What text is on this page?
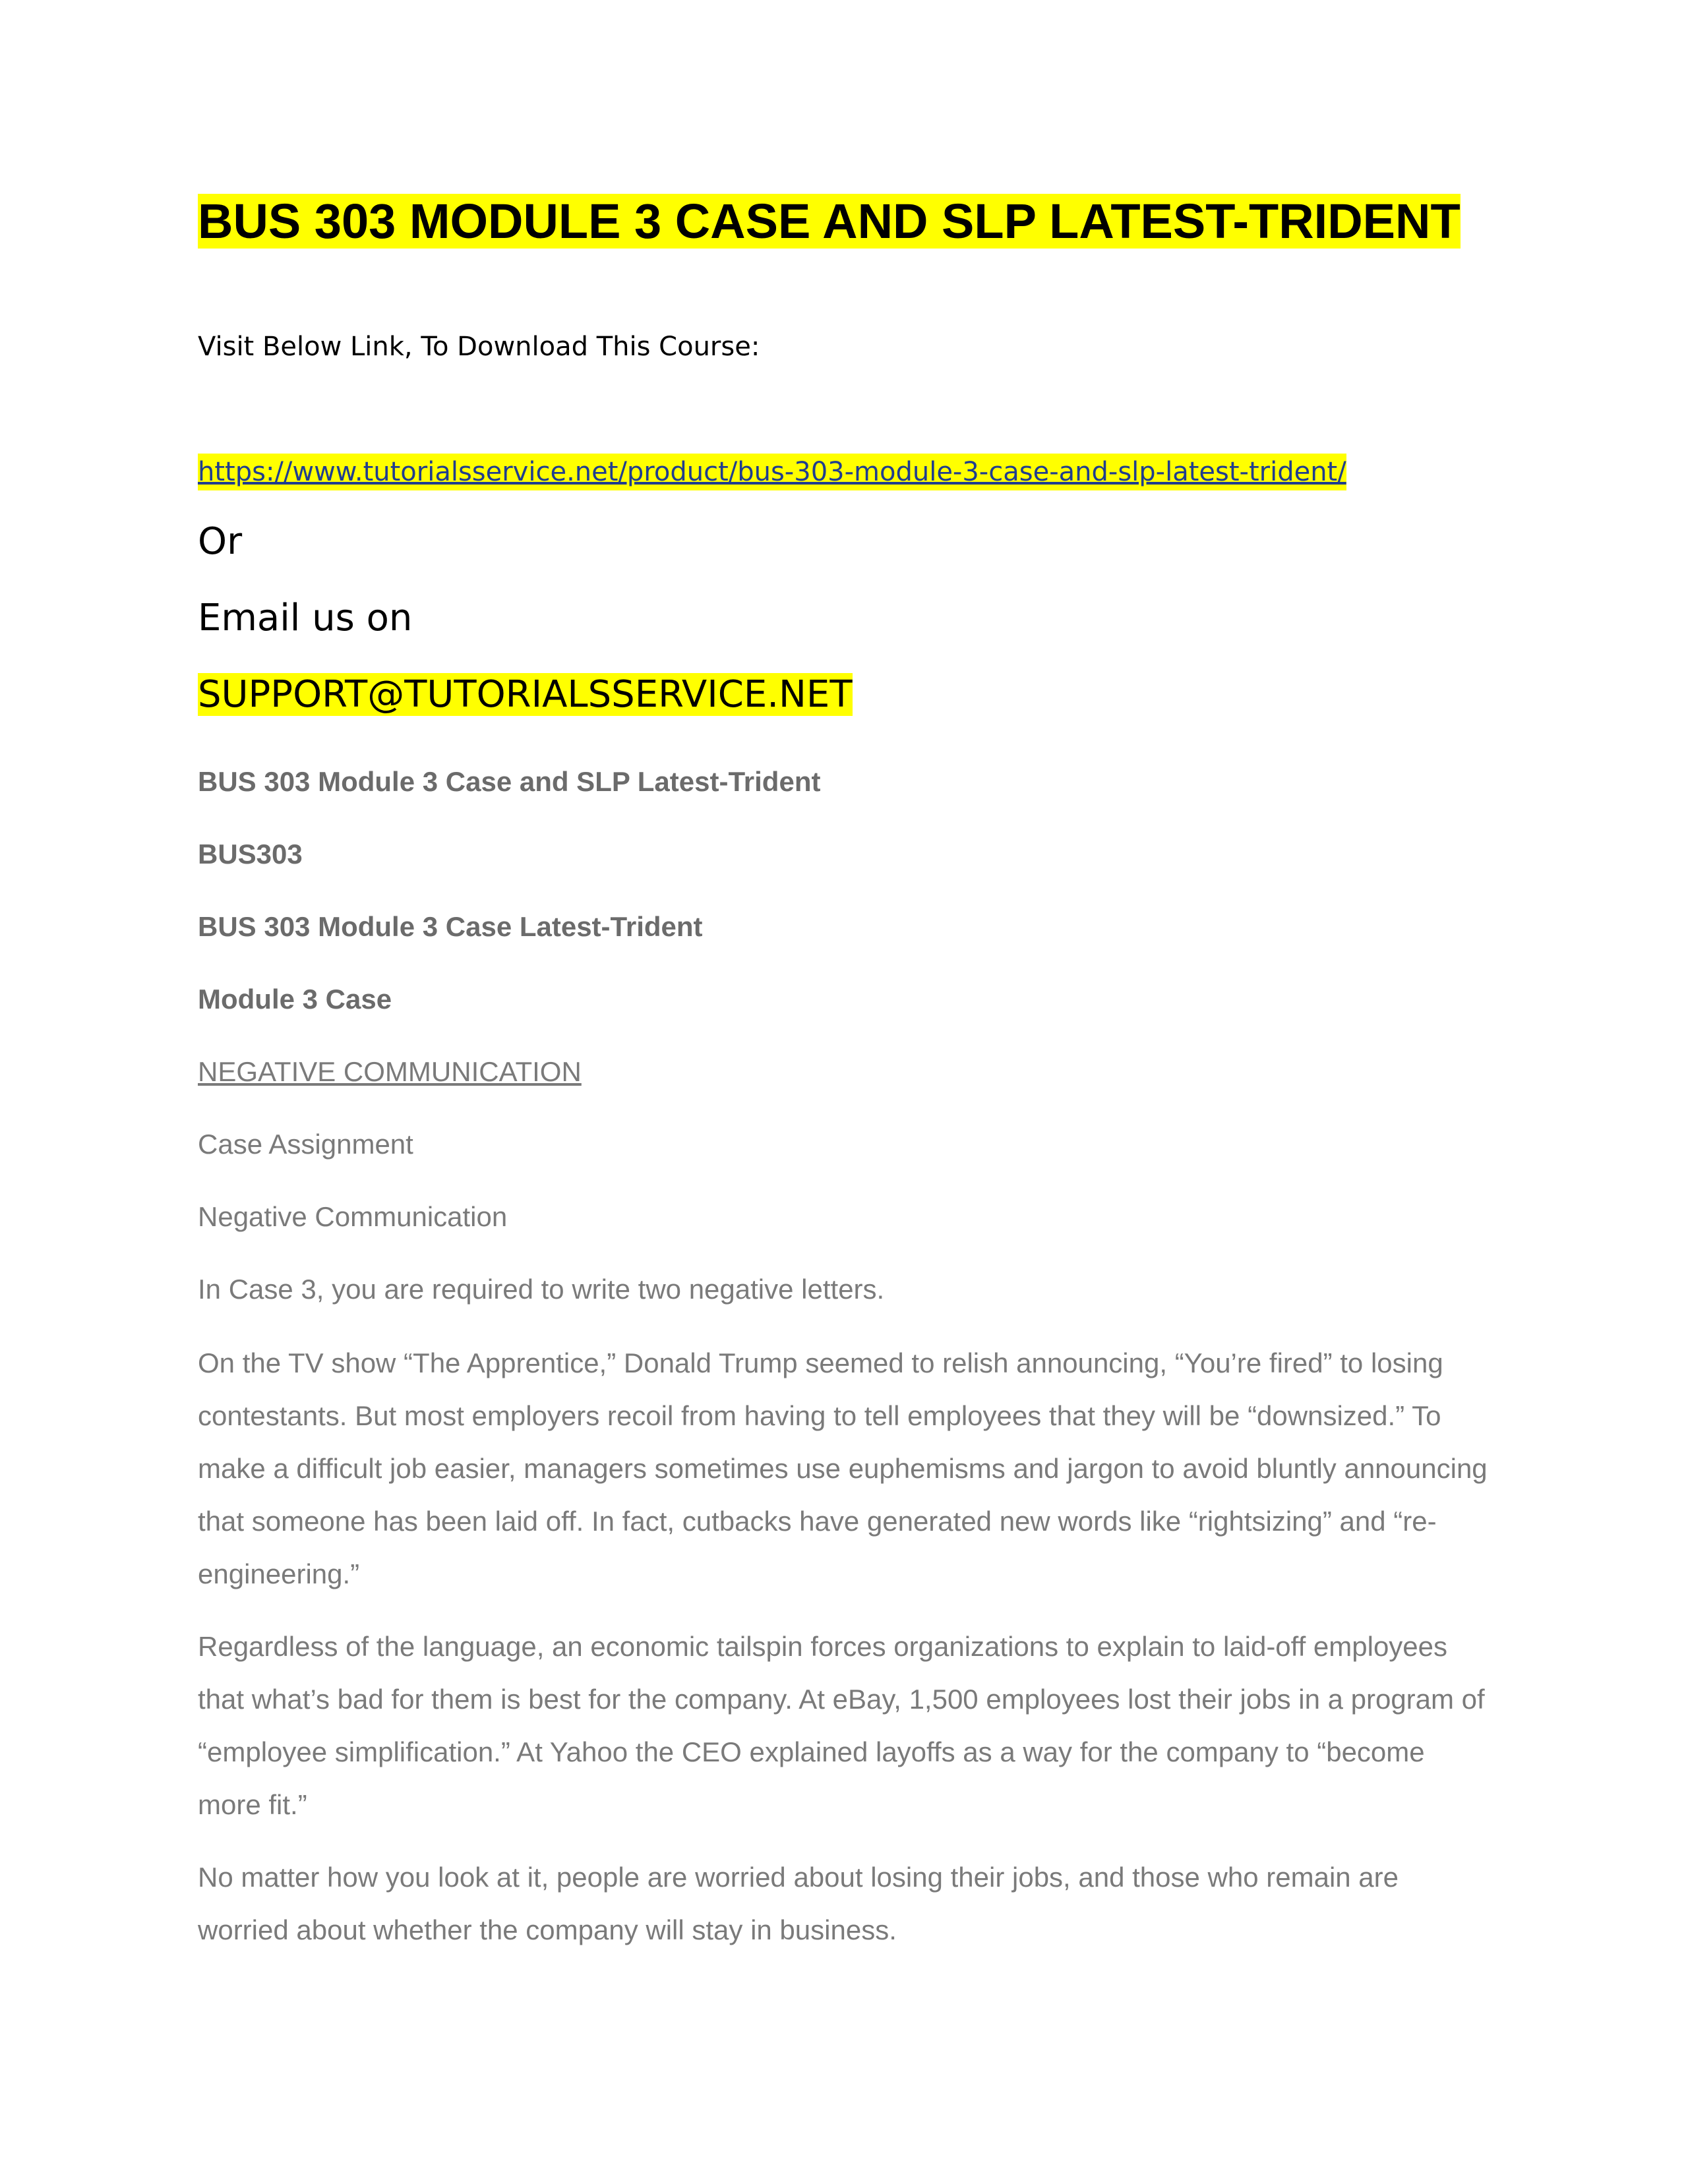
BUS 303 MODULE 3 CASE AND SLP LATEST-TRIDENT
Visit Below Link, To Download This Course:
https://www.tutorialsservice.net/product/bus-303-module-3-case-and-slp-latest-trident/
Or
Email us on
SUPPORT@TUTORIALSSERVICE.NET
BUS 303 Module 3 Case and SLP Latest-Trident
BUS303
BUS 303 Module 3 Case Latest-Trident
Module 3 Case
NEGATIVE COMMUNICATION
Case Assignment
Negative Communication
In Case 3, you are required to write two negative letters.

On the TV show “The Apprentice,” Donald Trump seemed to relish announcing, “You’re fired” to losing contestants. But most employers recoil from having to tell employees that they will be “downsized.” To make a difficult job easier, managers sometimes use euphemisms and jargon to avoid bluntly announcing that someone has been laid off. In fact, cutbacks have generated new words like “rightsizing” and “re-engineering.”

Regardless of the language, an economic tailspin forces organizations to explain to laid-off employees that what’s bad for them is best for the company. At eBay, 1,500 employees lost their jobs in a program of “employee simplification.” At Yahoo the CEO explained layoffs as a way for the company to “become more fit.”

No matter how you look at it, people are worried about losing their jobs, and those who remain are worried about whether the company will stay in business.
